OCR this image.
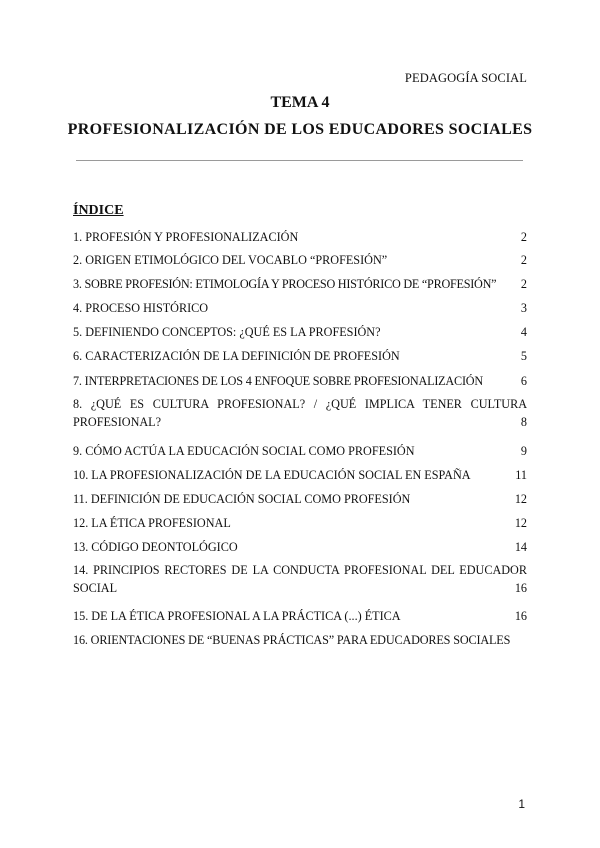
PEDAGOGÍA SOCIAL
TEMA 4
PROFESIONALIZACIÓN DE LOS EDUCADORES SOCIALES
ÍNDICE
1. PROFESIÓN Y PROFESIONALIZACIÓN	2
2. ORIGEN ETIMOLÓGICO DEL VOCABLO “PROFESIÓN”	2
3. SOBRE PROFESIÓN: ETIMOLOGÍA Y PROCESO HISTÓRICO DE “PROFESIÓN” 2
4. PROCESO HISTÓRICO	3
5. DEFINIENDO CONCEPTOS: ¿QUÉ ES LA PROFESIÓN?	4
6. CARACTERIZACIÓN DE LA DEFINICIÓN DE PROFESIÓN	5
7. INTERPRETACIONES DE LOS 4 ENFOQUE SOBRE PROFESIONALIZACIÓN	6
8. ¿QUÉ ES CULTURA PROFESIONAL? / ¿QUÉ IMPLICA TENER CULTURA
PROFESIONAL?	8
9. CÓMO ACTÚA LA EDUCACIÓN SOCIAL COMO PROFESIÓN	9
10. LA PROFESIONALIZACIÓN DE LA EDUCACIÓN SOCIAL EN ESPAÑA	11
11. DEFINICIÓN DE EDUCACIÓN SOCIAL COMO PROFESIÓN	12
12. LA ÉTICA PROFESIONAL	12
13. CÓDIGO DEONTOLÓGICO	14
14. PRINCIPIOS RECTORES DE LA CONDUCTA PROFESIONAL DEL EDUCADOR
SOCIAL	16
15. DE LA ÉTICA PROFESIONAL A LA PRÁCTICA (...) ÉTICA	16
16. ORIENTACIONES DE “BUENAS PRÁCTICAS” PARA EDUCADORES SOCIALES
1
